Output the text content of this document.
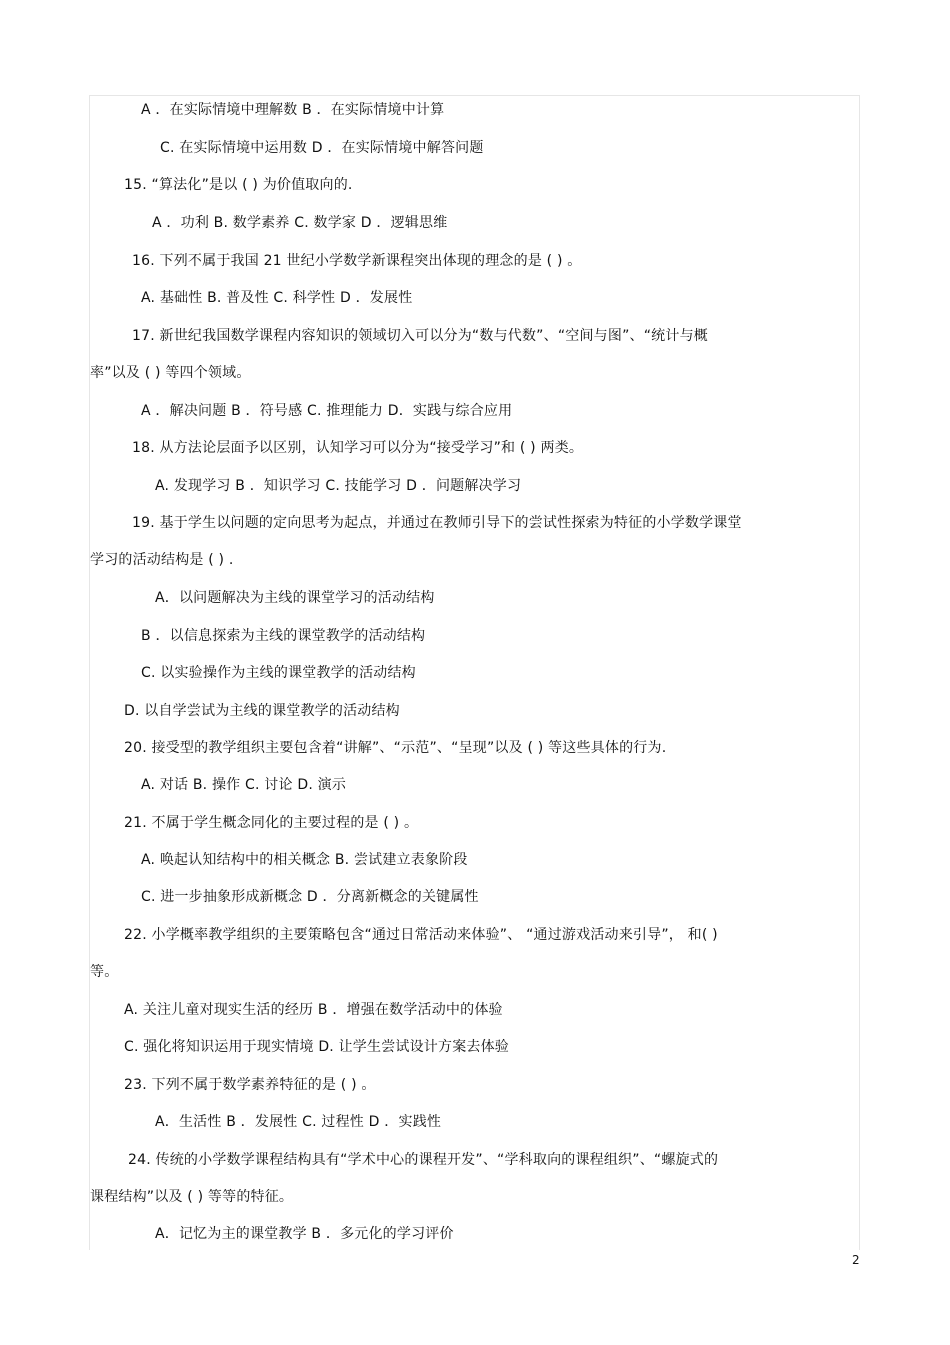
A ．在实际情境中理解数 B ．在实际情境中计算
C. 在实际情境中运用数 D ．在实际情境中解答问题
15. “算法化”是以 ( ) 为价值取向的.
A ．功利 B. 数学素养 C. 数学家 D ．逻辑思维
16. 下列不属于我国 21 世纪小学数学新课程突出体现的理念的是 ( ) 。
A. 基础性 B. 普及性 C. 科学性 D ．发展性
17. 新世纪我国数学课程内容知识的领域切入可以分为“数与代数”、“空间与图”、“统计与概
率”以及 ( ) 等四个领域。
A ．解决问题 B ．符号感 C. 推理能力 D．实践与综合应用
18. 从方法论层面予以区别，认知学习可以分为“接受学习”和 ( ) 两类。
A. 发现学习 B ．知识学习 C. 技能学习 D ．问题解决学习
19. 基于学生以问题的定向思考为起点，并通过在教师引导下的尝试性探索为特征的小学数学课堂
学习的活动结构是 ( ) .
A．以问题解决为主线的课堂学习的活动结构
B ．以信息探索为主线的课堂教学的活动结构
C. 以实验操作为主线的课堂教学的活动结构
D. 以自学尝试为主线的课堂教学的活动结构
20. 接受型的教学组织主要包含着“讲解”、“示范”、“呈现”以及 ( ) 等这些具体的行为.
A. 对话 B. 操作 C. 讨论 D. 演示
21. 不属于学生概念同化的主要过程的是 ( ) 。
A. 唤起认知结构中的相关概念 B. 尝试建立表象阶段
C. 进一步抽象形成新概念 D ．分离新概念的关键属性
22. 小学概率教学组织的主要策略包含“通过日常活动来体验”、 “通过游戏活动来引导”， 和( )
等。
A. 关注儿童对现实生活的经历 B ．增强在数学活动中的体验
C. 强化将知识运用于现实情境 D. 让学生尝试设计方案去体验
23. 下列不属于数学素养特征的是 ( ) 。
A．生活性 B ．发展性 C. 过程性 D ．实践性
24. 传统的小学数学课程结构具有“学术中心的课程开发”、“学科取向的课程组织”、“螺旋式的
课程结构”以及 ( ) 等等的特征。
A．记忆为主的课堂教学 B ．多元化的学习评价
2
